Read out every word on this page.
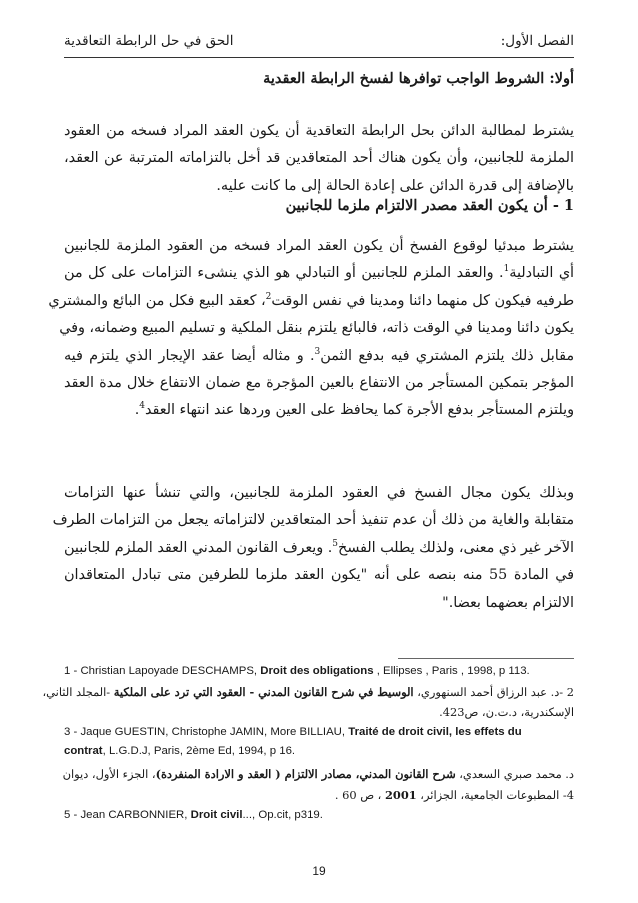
الفصل الأول:
الحق في حل الرابطة التعاقدية
أولا: الشروط الواجب توافرها لفسخ الرابطة العقدية
يشترط لمطالبة الدائن بحل الرابطة التعاقدية أن يكون العقد المراد فسخه من العقود
الملزمة للجانبين، وأن يكون هناك أحد المتعاقدين قد أخل بالتزاماته المترتبة عن العقد،
بالإضافة إلى قدرة الدائن على إعادة الحالة إلى ما كانت عليه.
1 - أن يكون العقد مصدر الالتزام ملزما للجانبين
يشترط مبدئيا لوقوع الفسخ أن يكون العقد المراد فسخه من العقود الملزمة للجانبين
أي التبادلية$^1$. والعقد الملزم للجانبين أو التبادلي هو الذي ينشىء التزامات على كل من
طرفيه فيكون كل منهما دائنا ومدينا في نفس الوقت$^2$، كعقد البيع فكل من البائع والمشتري
يكون دائنا ومدينا في الوقت ذاته، فالبائع يلتزم بنقل الملكية و تسليم المبيع وضمانه، وفي
مقابل ذلك يلتزم المشتري فيه بدفع الثمن$^3$. و مثاله أيضا عقد الإيجار الذي يلتزم فيه
المؤجر بتمكين المستأجر من الانتفاع بالعين المؤجرة مع ضمان الانتفاع خلال مدة العقد
ويلتزم المستأجر بدفع الأجرة كما يحافظ على العين وردها عند انتهاء العقد$^4$.
وبذلك يكون مجال الفسخ في العقود الملزمة للجانبين، والتي تنشأ عنها التزامات
متقابلة والغاية من ذلك أن عدم تنفيذ أحد المتعاقدين لالتزاماته يجعل من التزامات الطرف
الآخر غير ذي معنى، ولذلك يطلب الفسخ$^5$. ويعرف القانون المدني العقد الملزم للجانبين
في المادة 55 منه بنصه على أنه "يكون العقد ملزما للطرفين متى تبادل المتعاقدان
الالتزام بعضهما بعضا."
1 - Christian Lapoyade DESCHAMPS, Droit des obligations , Ellipses , Paris , 1998, p 113.
2 -د. عبد الرزاق أحمد السنهوري، الوسيط في شرح القانون المدني - العقود التي ترد على الملكية -المجلد الثاني،
الإسكندرية، د.ت.ن، ص423.
3 - Jaque GUESTIN, Christophe JAMIN, More BILLIAU, Traité de droit civil, les effets du
contrat, L.G.D.J, Paris, 2ème Ed, 1994, p 16.
د. محمد صبري السعدي، شرح القانون المدني، مصادر الالتزام ( العقد و الارادة المنفردة)، الجزء الأول، ديوان
4- المطبوعات الجامعية، الجزائر، 2001 ، ص 60 .
5 - Jean CARBONNIER, Droit civil..., Op.cit, p319.
19
